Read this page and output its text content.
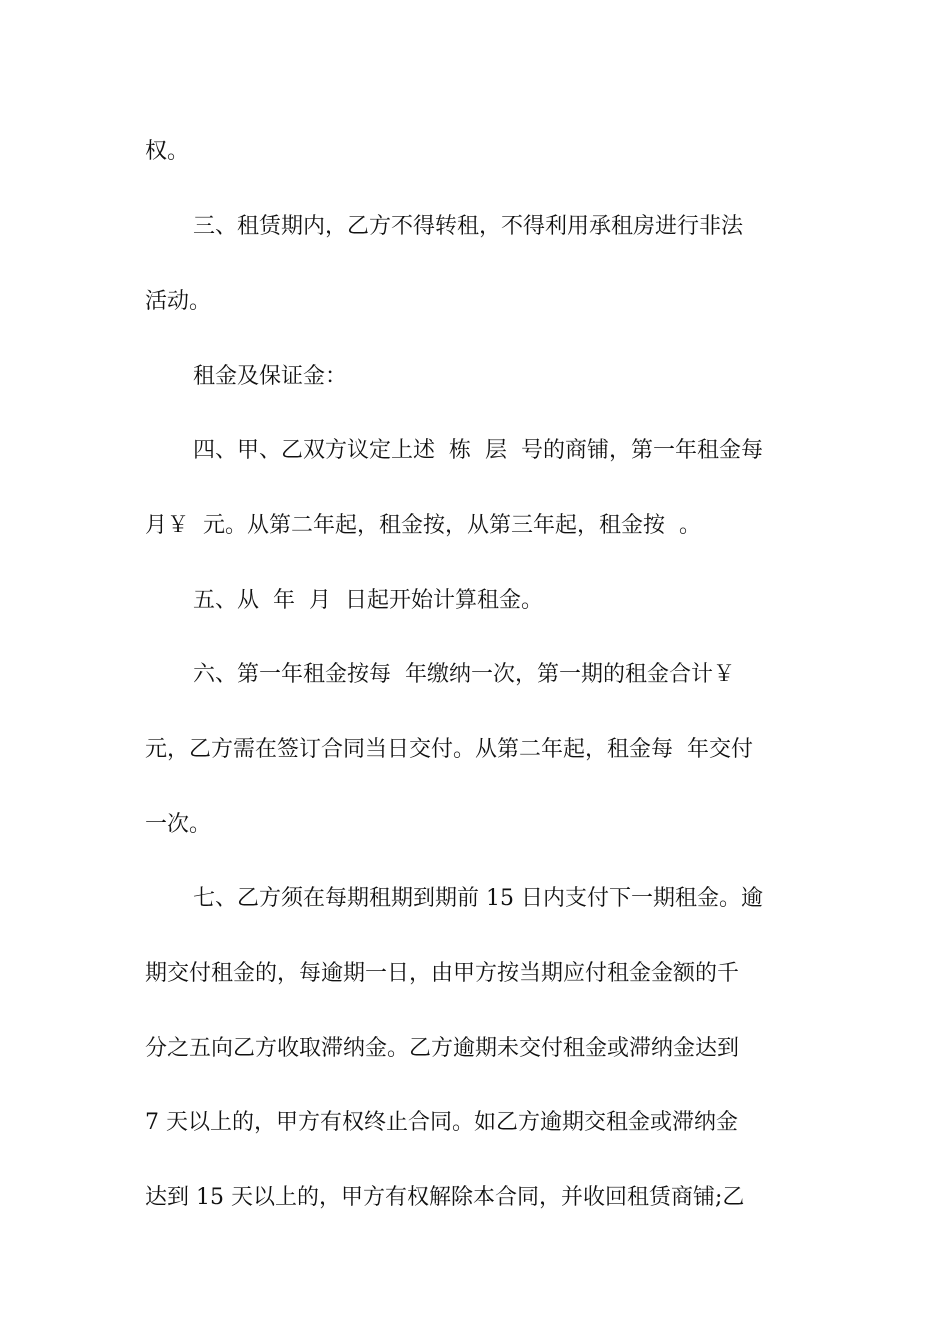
权。
三、租赁期内，乙方不得转租，不得利用承租房进行非法
活动。
租金及保证金：
四、甲、乙双方议定上述  栋  层  号的商铺，第一年租金每
月￥  元。从第二年起，租金按，从第三年起，租金按  。
五、从  年  月  日起开始计算租金。
六、第一年租金按每  年缴纳一次，第一期的租金合计￥
元，乙方需在签订合同当日交付。从第二年起，租金每  年交付
一次。
七、乙方须在每期租期到期前 15 日内支付下一期租金。逾
期交付租金的，每逾期一日，由甲方按当期应付租金金额的千
分之五向乙方收取滞纳金。乙方逾期未交付租金或滞纳金达到
7 天以上的，甲方有权终止合同。如乙方逾期交租金或滞纳金
达到 15 天以上的，甲方有权解除本合同，并收回租赁商铺;乙
